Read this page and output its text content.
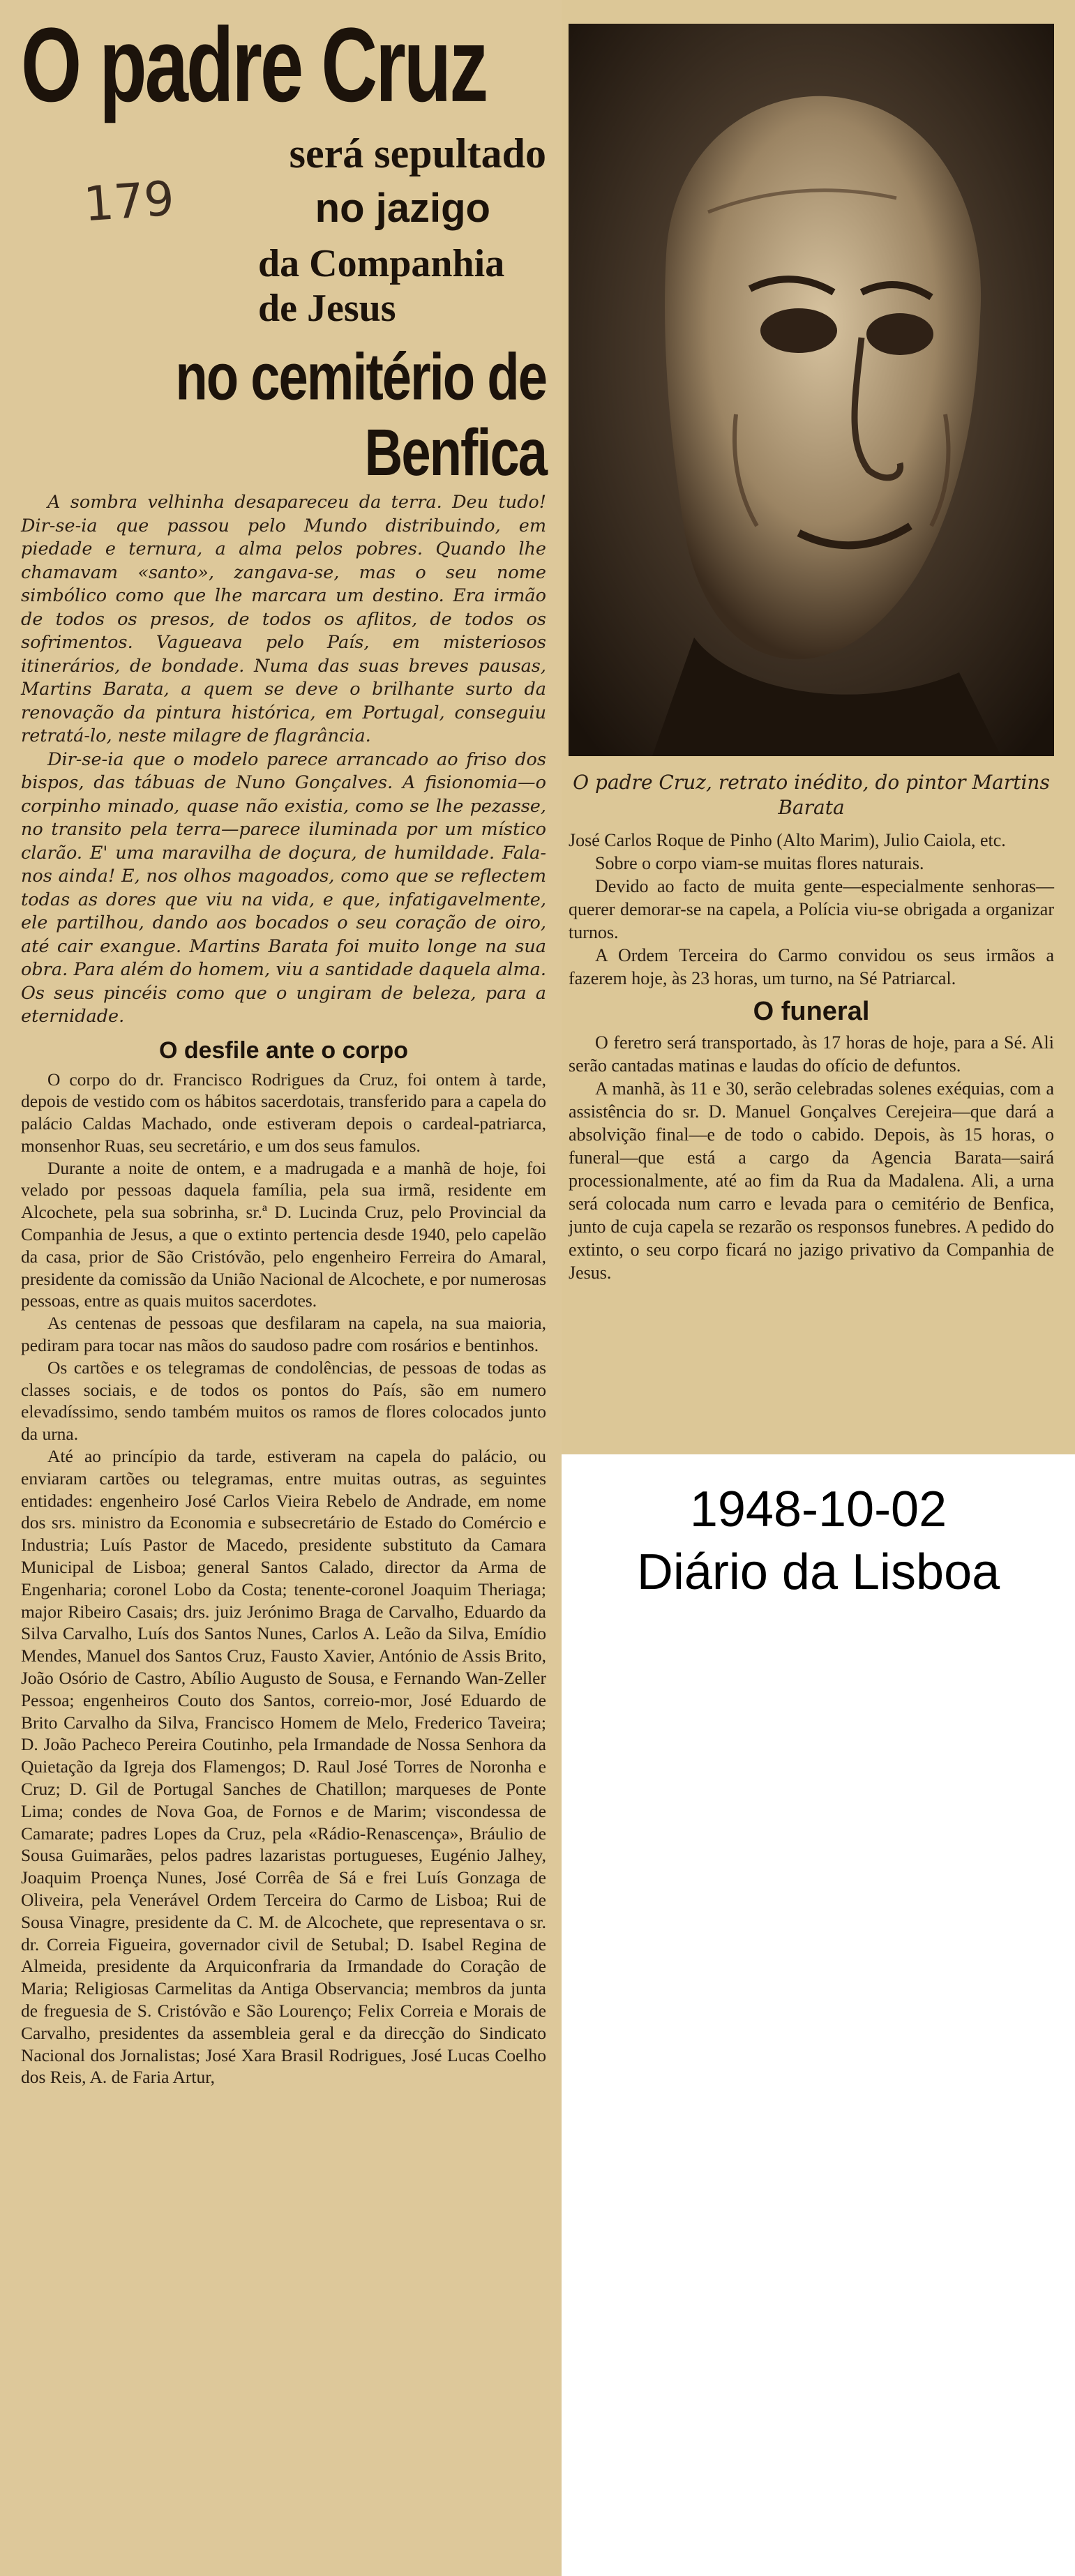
O padre Cruz
179
será sepultado
no jazigo
da Companhia de Jesus
no cemitério de Benfica

A sombra velhinha desapareceu da terra. Deu tudo! Dir-se-ia que passou pelo Mundo distribuindo, em piedade e ternura, a alma pelos pobres. Quando lhe chamavam «santo», zangava-se, mas o seu nome simbólico como que lhe marcara um destino. Era irmão de todos os presos, de todos os aflitos, de todos os sofrimentos. Vagueava pelo País, em misteriosos itinerários, de bondade. Numa das suas breves pausas, Martins Barata, a quem se deve o brilhante surto da renovação da pintura histórica, em Portugal, conseguiu retratá-lo, neste milagre de flagrância.

Dir-se-ia que o modelo parece arrancado ao friso dos bispos, das tábuas de Nuno Gonçalves. A fisionomia—o corpinho minado, quase não existia, como se lhe pezasse, no transito pela terra—parece iluminada por um místico clarão. E' uma maravilha de doçura, de humildade. Fala-nos ainda! E, nos olhos magoados, como que se reflectem todas as dores que viu na vida, e que, infatigavelmente, ele partilhou, dando aos bocados o seu coração de oiro, até cair exangue. Martins Barata foi muito longe na sua obra. Para além do homem, viu a santidade daquela alma. Os seus pincéis como que o ungiram de beleza, para a eternidade.

O desfile ante o corpo

O corpo do dr. Francisco Rodrigues da Cruz, foi ontem à tarde, depois de vestido com os hábitos sacerdotais, transferido para a capela do palácio Caldas Machado, onde estiveram depois o cardeal-patriarca, monsenhor Ruas, seu secretário, e um dos seus famulos.

Durante a noite de ontem, e a madrugada e a manhã de hoje, foi velado por pessoas daquela família, pela sua irmã, residente em Alcochete, pela sua sobrinha, sr.ª D. Lucinda Cruz, pelo Provincial da Companhia de Jesus, a que o extinto pertencia desde 1940, pelo capelão da casa, prior de São Cristóvão, pelo engenheiro Ferreira do Amaral, presidente da comissão da União Nacional de Alcochete, e por numerosas pessoas, entre as quais muitos sacerdotes.

As centenas de pessoas que desfilaram na capela, na sua maioria, pediram para tocar nas mãos do saudoso padre com rosários e bentinhos.

Os cartões e os telegramas de condolências, de pessoas de todas as classes sociais, e de todos os pontos do País, são em numero elevadíssimo, sendo também muitos os ramos de flores colocados junto da urna.

Até ao princípio da tarde, estiveram na capela do palácio, ou enviaram cartões ou telegramas, entre muitas outras, as seguintes entidades: engenheiro José Carlos Vieira Rebelo de Andrade, em nome dos srs. ministro da Economia e subsecretário de Estado do Comércio e Industria; Luís Pastor de Macedo, presidente substituto da Camara Municipal de Lisboa; general Santos Calado, director da Arma de Engenharia; coronel Lobo da Costa; tenente-coronel Joaquim Theriaga; major Ribeiro Casais; drs. juiz Jerónimo Braga de Carvalho, Eduardo da Silva Carvalho, Luís dos Santos Nunes, Carlos A. Leão da Silva, Emídio Mendes, Manuel dos Santos Cruz, Fausto Xavier, António de Assis Brito, João Osório de Castro, Abílio Augusto de Sousa, e Fernando Wan-Zeller Pessoa; engenheiros Couto dos Santos, correio-mor, José Eduardo de Brito Carvalho da Silva, Francisco Homem de Melo, Frederico Taveira; D. João Pacheco Pereira Coutinho, pela Irmandade de Nossa Senhora da Quietação da Igreja dos Flamengos; D. Raul José Torres de Noronha e Cruz; D. Gil de Portugal Sanches de Chatillon; marqueses de Ponte Lima; condes de Nova Goa, de Fornos e de Marim; viscondessa de Camarate; padres Lopes da Cruz, pela «Rádio-Renascença», Bráulio de Sousa Guimarães, pelos padres lazaristas portugueses, Eugénio Jalhey, Joaquim Proença Nunes, José Corrêa de Sá e frei Luís Gonzaga de Oliveira, pela Venerável Ordem Terceira do Carmo de Lisboa; Rui de Sousa Vinagre, presidente da C. M. de Alcochete, que representava o sr. dr. Correia Figueira, governador civil de Setubal; D. Isabel Regina de Almeida, presidente da Arquiconfraria da Irmandade do Coração de Maria; Religiosas Carmelitas da Antiga Observancia; membros da junta de freguesia de S. Cristóvão e São Lourenço; Felix Correia e Morais de Carvalho, presidentes da assembleia geral e da direcção do Sindicato Nacional dos Jornalistas; José Xara Brasil Rodrigues, José Lucas Coelho dos Reis, A. de Faria Artur,

O padre Cruz, retrato inédito, do pintor Martins Barata

José Carlos Roque de Pinho (Alto Marim), Julio Caiola, etc.

Sobre o corpo viam-se muitas flores naturais.

Devido ao facto de muita gente—especialmente senhoras—querer demorar-se na capela, a Polícia viu-se obrigada a organizar turnos.

A Ordem Terceira do Carmo convidou os seus irmãos a fazerem hoje, às 23 horas, um turno, na Sé Patriarcal.

O funeral

O feretro será transportado, às 17 horas de hoje, para a Sé. Ali serão cantadas matinas e laudas do ofício de defuntos.

A manhã, às 11 e 30, serão celebradas solenes exéquias, com a assistência do sr. D. Manuel Gonçalves Cerejeira—que dará a absolvição final—e de todo o cabido. Depois, às 15 horas, o funeral—que está a cargo da Agencia Barata—sairá processionalmente, até ao fim da Rua da Madalena. Ali, a urna será colocada num carro e levada para o cemitério de Benfica, junto de cuja capela se rezarão os responsos funebres. A pedido do extinto, o seu corpo ficará no jazigo privativo da Companhia de Jesus.

1948-10-02
Diário da Lisboa
